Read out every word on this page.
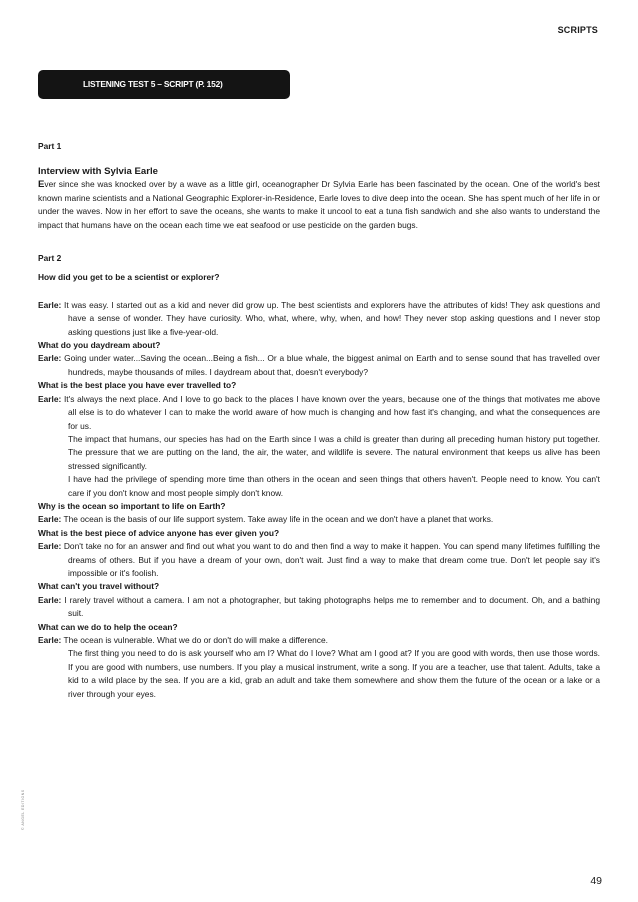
SCRIPTS
LISTENING TEST 5 – SCRIPT (P. 152)
Part 1
Interview with Sylvia Earle
Ever since she was knocked over by a wave as a little girl, oceanographer Dr Sylvia Earle has been fascinated by the ocean. One of the world's best known marine scientists and a National Geographic Explorer-in-Residence, Earle loves to dive deep into the ocean. She has spent much of her life in or under the waves. Now in her effort to save the oceans, she wants to make it uncool to eat a tuna fish sandwich and she also wants to understand the impact that humans have on the ocean each time we eat seafood or use pesticide on the garden bugs.
Part 2
How did you get to be a scientist or explorer?
Earle: It was easy. I started out as a kid and never did grow up. The best scientists and explorers have the attributes of kids! They ask questions and have a sense of wonder. They have curiosity. Who, what, where, why, when, and how! They never stop asking questions and I never stop asking questions just like a five-year-old.
What do you daydream about?
Earle: Going under water...Saving the ocean...Being a fish... Or a blue whale, the biggest animal on Earth and to sense sound that has travelled over hundreds, maybe thousands of miles. I daydream about that, doesn't everybody?
What is the best place you have ever travelled to?
Earle: It's always the next place. And I love to go back to the places I have known over the years, because one of the things that motivates me above all else is to do whatever I can to make the world aware of how much is changing and how fast it's changing, and what the consequences are for us.
The impact that humans, our species has had on the Earth since I was a child is greater than during all preceding human history put together. The pressure that we are putting on the land, the air, the water, and wildlife is severe. The natural environment that keeps us alive has been stressed significantly.
I have had the privilege of spending more time than others in the ocean and seen things that others haven't. People need to know. You can't care if you don't know and most people simply don't know.
Why is the ocean so important to life on Earth?
Earle: The ocean is the basis of our life support system. Take away life in the ocean and we don't have a planet that works.
What is the best piece of advice anyone has ever given you?
Earle: Don't take no for an answer and find out what you want to do and then find a way to make it happen. You can spend many lifetimes fulfilling the dreams of others. But if you have a dream of your own, don't wait. Just find a way to make that dream come true. Don't let people say it's impossible or it's foolish.
What can't you travel without?
Earle: I rarely travel without a camera. I am not a photographer, but taking photographs helps me to remember and to document. Oh, and a bathing suit.
What can we do to help the ocean?
Earle: The ocean is vulnerable. What we do or don't do will make a difference.
The first thing you need to do is ask yourself who am I? What do I love? What am I good at? If you are good with words, then use those words. If you are good with numbers, use numbers. If you play a musical instrument, write a song. If you are a teacher, use that talent. Adults, take a kid to a wild place by the sea. If you are a kid, grab an adult and take them somewhere and show them the future of the ocean or a lake or a river through your eyes.
© ANGEL EDITIONS
49
